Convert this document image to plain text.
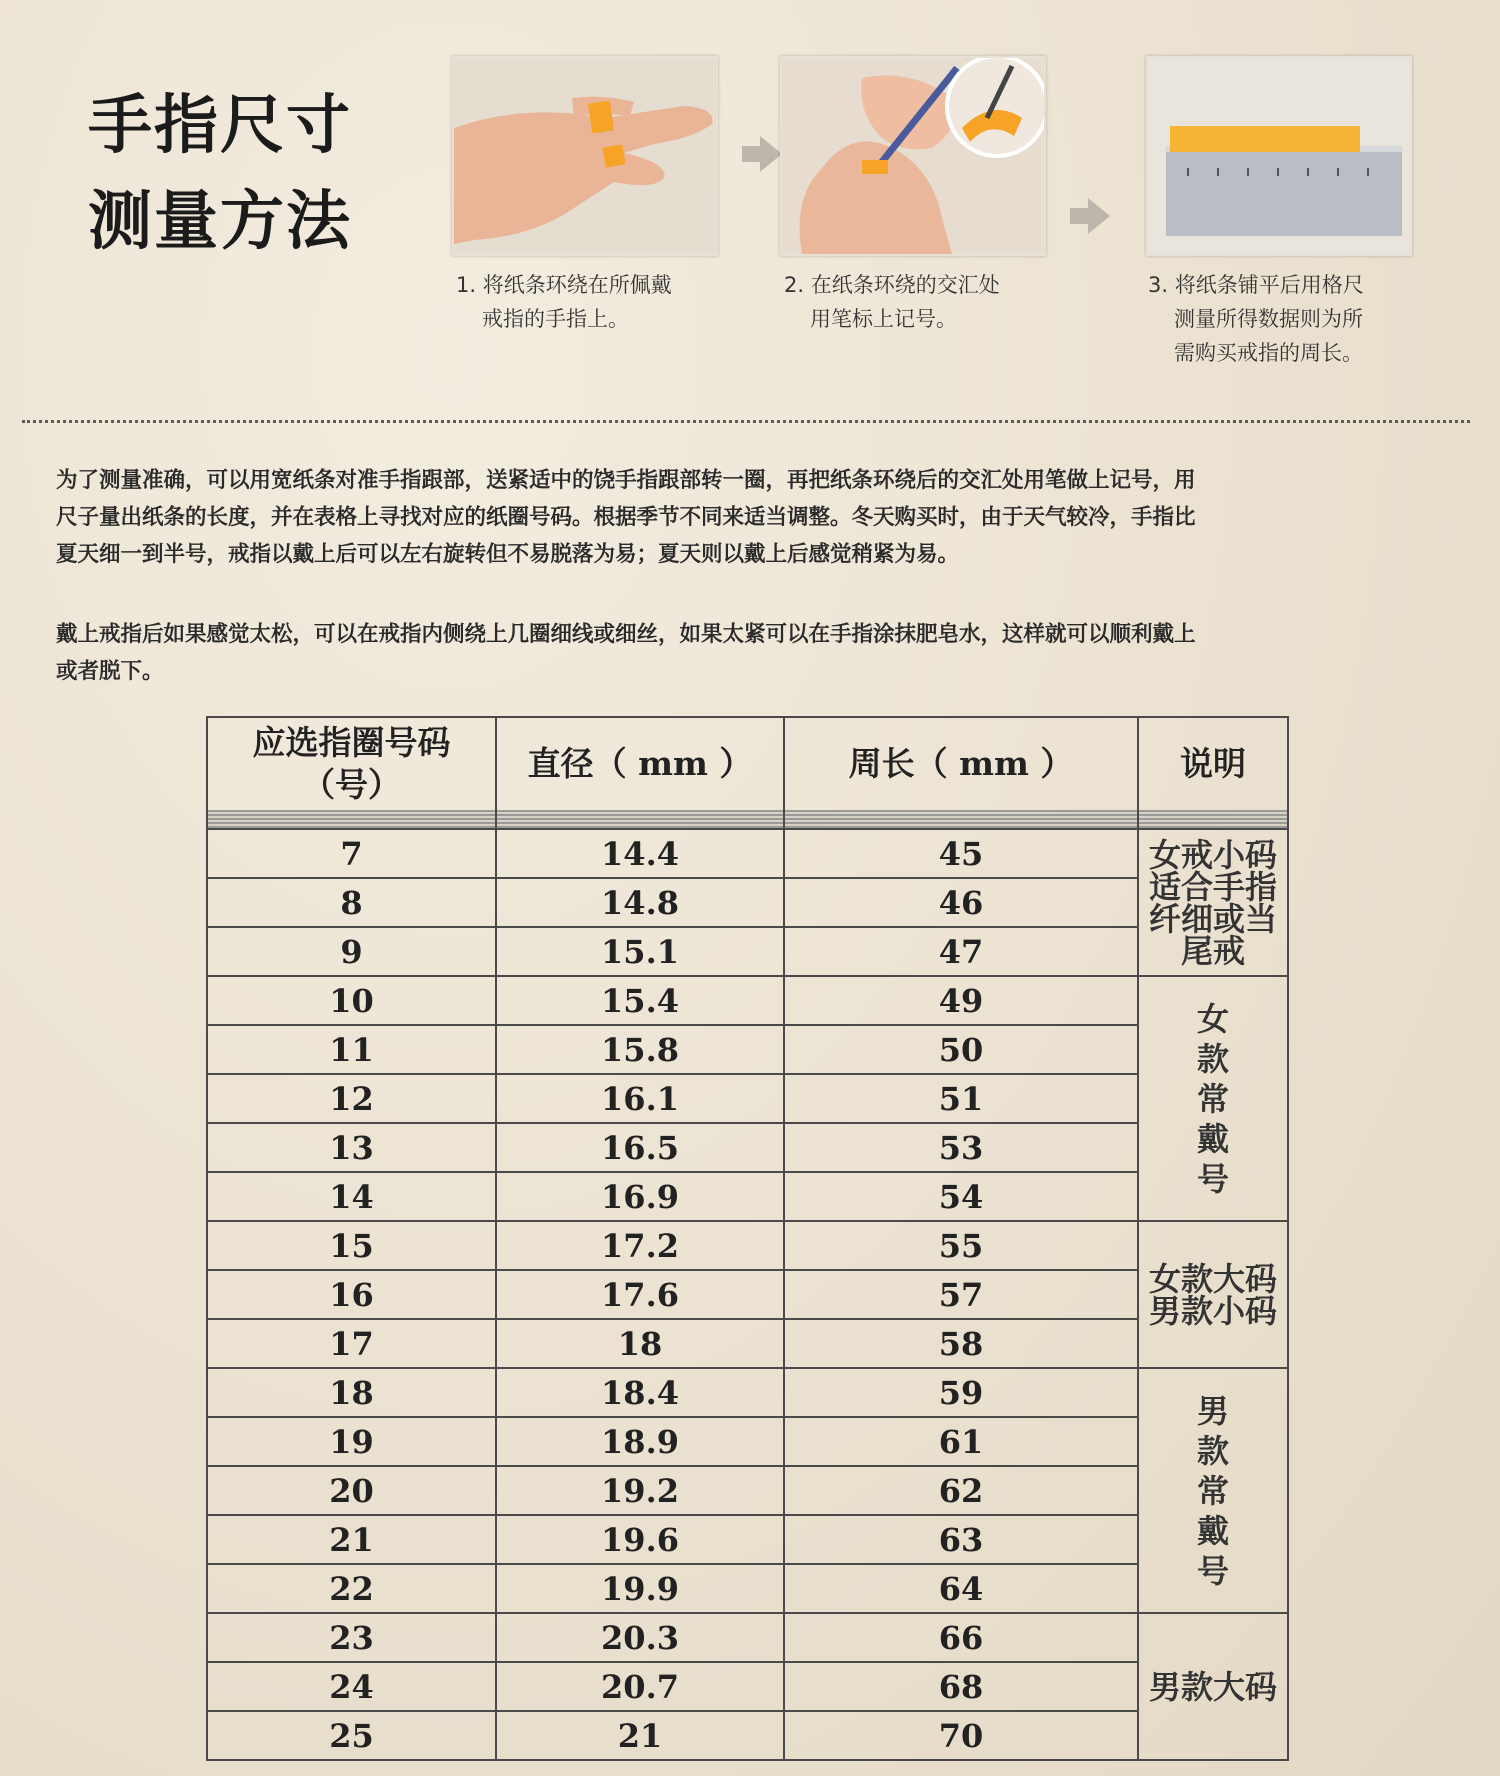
手指尺寸
测量方法
1. 将纸条环绕在所佩戴
戒指的手指上。
2. 在纸条环绕的交汇处
用笔标上记号。
3. 将纸条铺平后用格尺
测量所得数据则为所
需购买戒指的周长。
为了测量准确，可以用宽纸条对准手指跟部，送紧适中的饶手指跟部转一圈，再把纸条环绕后的交汇处用笔做上记号，用
尺子量出纸条的长度，并在表格上寻找对应的纸圈号码。根据季节不同来适当调整。冬天购买时，由于天气较冷，手指比
夏天细一到半号，戒指以戴上后可以左右旋转但不易脱落为易；夏天则以戴上后感觉稍紧为易。
戴上戒指后如果感觉太松，可以在戒指内侧绕上几圈细线或细丝，如果太紧可以在手指涂抹肥皂水，这样就可以顺利戴上
或者脱下。
应选指圈号码
（号）	直径（ mm ）	周长（ mm ）	说明

7	14.4	45	女戒小码
适合手指
纤细或当
尾戒

8	14.8	46	
9	15.1	47	
10	15.4	49	女
款
常
戴
号

11	15.8	50	
12	16.1	51	
13	16.5	53	
14	16.9	54	
15	17.2	55	女款大码
男款小码

16	17.6	57	
17	18	58	
18	18.4	59	男
款
常
戴
号

19	18.9	61	
20	19.2	62	
21	19.6	63	
22	19.9	64	
23	20.3	66	男款大码

24	20.7	68	
25	21	70	
